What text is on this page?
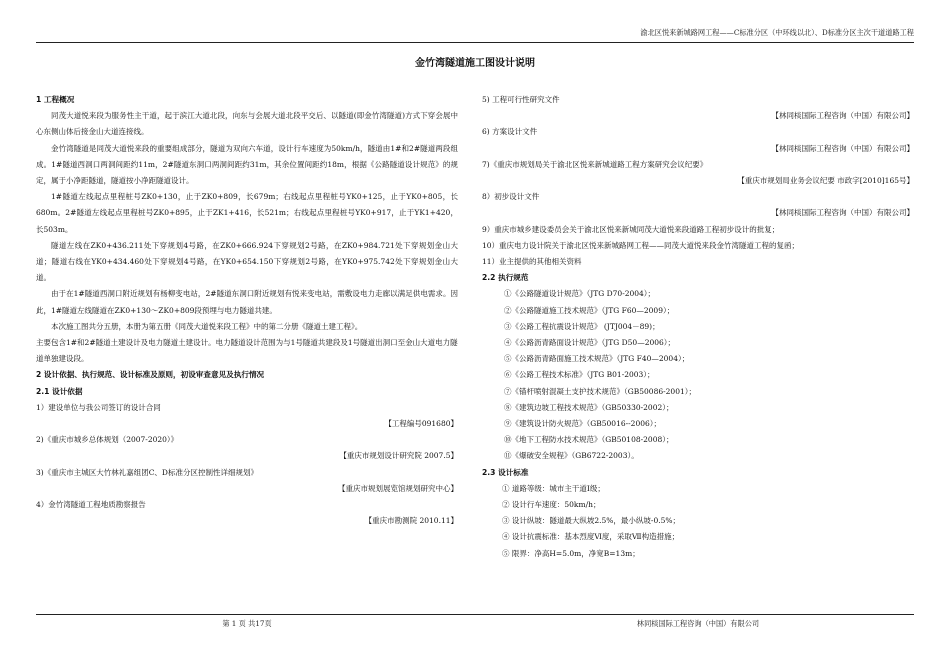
渝北区悦来新城路网工程——C标准分区（中环线以北）、D标准分区主次干道道路工程
金竹湾隧道施工图设计说明

1 工程概况

同茂大道悦来段为服务性主干道，起于滨江大道北段，向东与会展大道北段平交后、以隧道(即金竹湾隧道)方式下穿会展中心东侧山体后接金山大道连接线。

金竹湾隧道是同茂大道悦来段的重要组成部分，隧道为双向六车道，设计行车速度为50km/h，隧道由1#和2#隧道两段组成。1#隧道西洞口两洞间距约11m，2#隧道东洞口两洞间距约31m，其余位置间距约18m，根据《公路隧道设计规范》的规定，属于小净距隧道，隧道按小净距隧道设计。

1#隧道左线起点里程桩号ZK0+130，止于ZK0+809，长679m；右线起点里程桩号YK0+125，止于YK0+805，长680m。2#隧道左线起点里程桩号ZK0+895，止于ZK1+416，长521m；右线起点里程桩号YK0+917，止于YK1+420，长503m。

隧道左线在ZK0+436.211处下穿规划4号路，在ZK0+666.924下穿规划2号路，在ZK0+984.721处下穿规划金山大道；隧道右线在YK0+434.460处下穿规划4号路，在YK0+654.150下穿规划2号路，在YK0+975.742处下穿规划金山大道。

由于在1#隧道西洞口附近规划有杨柳变电站，2#隧道东洞口附近规划有悦来变电站，需敷设电力走廊以满足供电需求。因此，1#隧道左线隧道在ZK0+130～ZK0+809段预埋与电力隧道共建。

本次施工图共分五册，本册为第五册《同茂大道悦来段工程》中的第二分册《隧道土建工程》。

主要包含1#和2#隧道土建设计及电力隧道土建设计。电力隧道设计范围为与1号隧道共建段及1号隧道出洞口至金山大道电力隧道单独建设段。

2 设计依据、执行规范、设计标准及原则，初设审查意见及执行情况

2.1 设计依据

1）建设单位与我公司签订的设计合同

【工程编号091680】

2)《重庆市城乡总体规划（2007-2020）》

【重庆市规划设计研究院 2007.5】

3)《重庆市主城区大竹林礼嘉组团C、D标准分区控制性详细规划》

【重庆市规划展览馆规划研究中心】

4）金竹湾隧道工程地质勘察报告

【重庆市勘测院 2010.11】

5) 工程可行性研究文件

【林同棪国际工程咨询（中国）有限公司】

6) 方案设计文件

【林同棪国际工程咨询（中国）有限公司】

7)《重庆市规划局关于渝北区悦来新城道路工程方案研究会议纪要》

【重庆市规划局业务会议纪要 市政字[2010]165号】

8）初步设计文件

【林同棪国际工程咨询（中国）有限公司】

9）重庆市城乡建设委员会关于渝北区悦来新城同茂大道悦来段道路工程初步设计的批复；

10）重庆电力设计院关于渝北区悦来新城路网工程——同茂大道悦来段金竹湾隧道工程的复函；

11）业主提供的其他相关资料

2.2 执行规范

①《公路隧道设计规范》（JTG D70-2004）；

②《公路隧道施工技术规范》（JTG F60—2009）；

③《公路工程抗震设计规范》 (JTJ004－89)；

④《公路沥青路面设计规范》（JTG D50—2006）；

⑤《公路沥青路面施工技术规范》（JTG F40—2004）；

⑥《公路工程技术标准》（JTG B01-2003）；

⑦《锚杆喷射混凝土支护技术规范》（GB50086-2001）；

⑧《建筑边坡工程技术规范》（GB50330-2002）；

⑨《建筑设计防火规范》（GB50016--2006）；

⑩《地下工程防水技术规范》（GB50108-2008）；

⑪《爆破安全规程》（GB6722-2003）。

2.3 设计标准

① 道路等级：城市主干道Ⅰ级；

② 设计行车速度：50km/h；

③ 设计纵坡：隧道最大纵坡2.5%，最小纵坡-0.5%；

④ 设计抗震标准：基本烈度Ⅵ度，采取Ⅶ构造措施；

⑤ 限界：净高H=5.0m，净宽B=13m；

第 1 页 共17页	林同棪国际工程咨询（中国）有限公司
